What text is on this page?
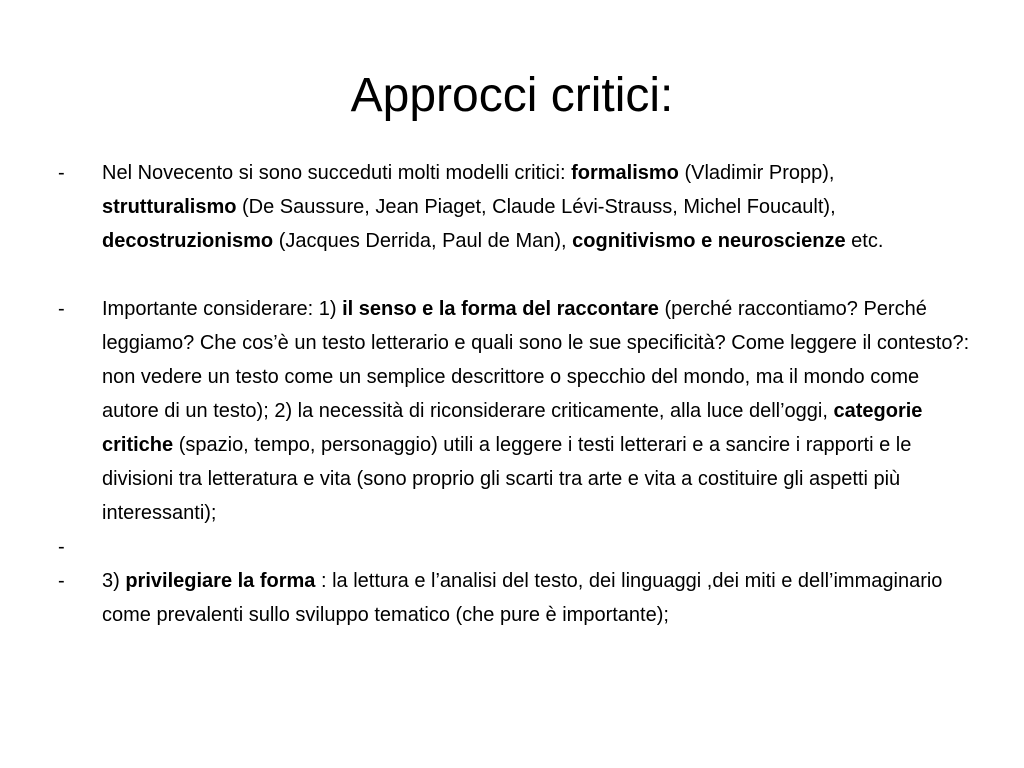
Approcci critici:
-	Nel Novecento si sono succeduti molti modelli critici: formalismo (Vladimir Propp), strutturalismo (De Saussure, Jean Piaget, Claude Lévi-Strauss, Michel Foucault), decostruzionismo (Jacques Derrida, Paul de Man), cognitivismo e neuroscienze etc.
-	Importante considerare: 1) il senso e la forma del raccontare (perché raccontiamo? Perché leggiamo? Che cos’è un testo letterario e quali sono le sue specificità? Come leggere il contesto?: non vedere un testo come un semplice descrittore o specchio del mondo, ma il mondo come autore di un testo); 2) la necessità di riconsiderare criticamente, alla luce dell’oggi, categorie critiche (spazio, tempo, personaggio) utili a leggere i testi letterari e a sancire i rapporti e le divisioni tra letteratura e vita (sono proprio gli scarti tra arte e vita a costituire gli aspetti più interessanti);
-
-	3) privilegiare la forma : la lettura e l’analisi del testo, dei linguaggi ,dei miti e dell’immaginario come prevalenti sullo sviluppo tematico (che pure è importante);
